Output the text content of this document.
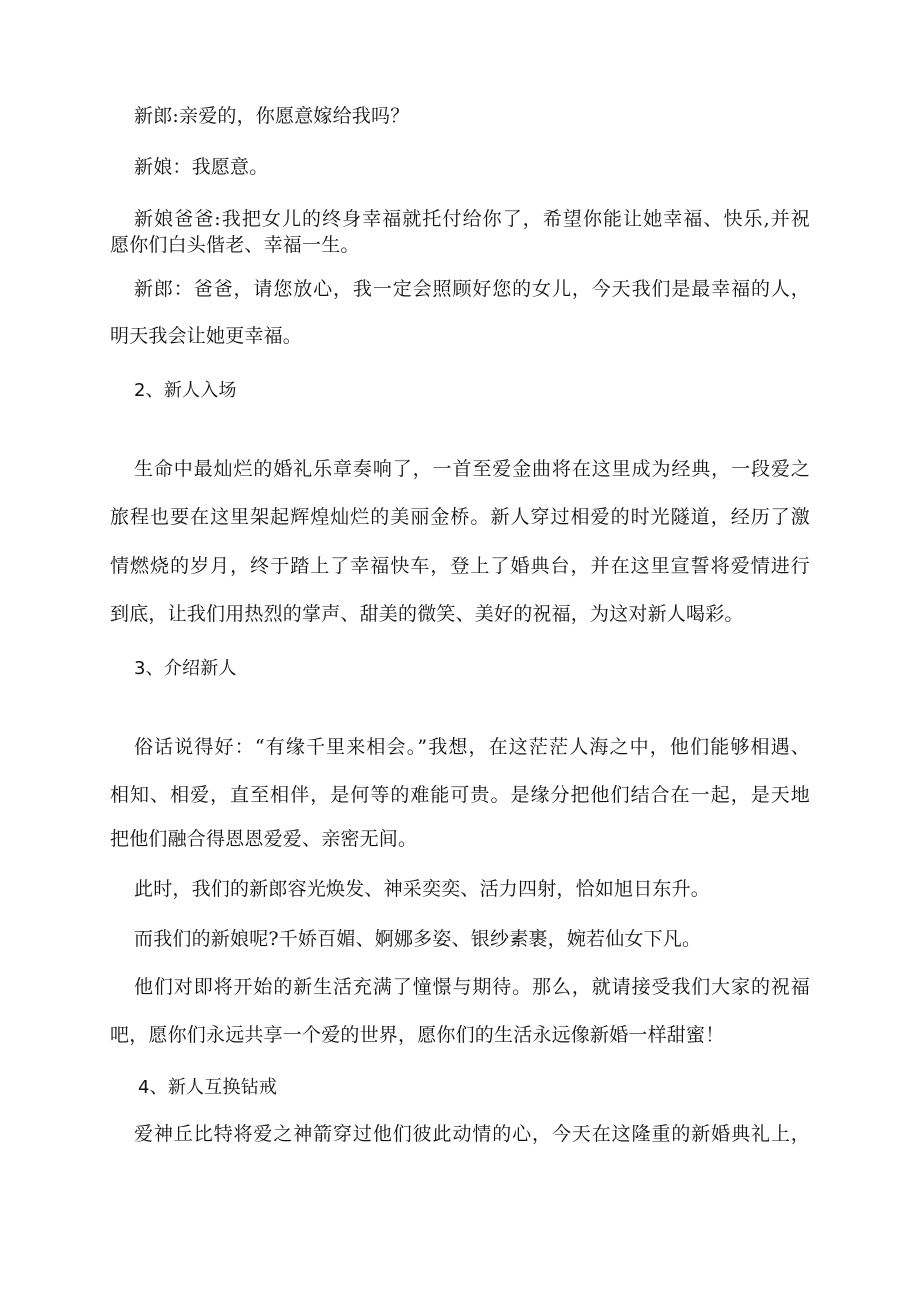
新郎:亲爱的，你愿意嫁给我吗？
新娘：我愿意。
新娘爸爸:我把女儿的终身幸福就托付给你了，希望你能让她幸福、快乐,并祝
愿你们白头偕老、幸福一生。
新郎：爸爸，请您放心，我一定会照顾好您的女儿，今天我们是最幸福的人，
明天我会让她更幸福。
2、新人入场
生命中最灿烂的婚礼乐章奏响了，一首至爱金曲将在这里成为经典，一段爱之
旅程也要在这里架起辉煌灿烂的美丽金桥。新人穿过相爱的时光隧道，经历了激
情燃烧的岁月，终于踏上了幸福快车，登上了婚典台，并在这里宣誓将爱情进行
到底，让我们用热烈的掌声、甜美的微笑、美好的祝福，为这对新人喝彩。
3、介绍新人
俗话说得好：“有缘千里来相会。”我想，在这茫茫人海之中，他们能够相遇、
相知、相爱，直至相伴，是何等的难能可贵。是缘分把他们结合在一起，是天地
把他们融合得恩恩爱爱、亲密无间。
此时，我们的新郎容光焕发、神采奕奕、活力四射，恰如旭日东升。
而我们的新娘呢?千娇百媚、婀娜多姿、银纱素裹，婉若仙女下凡。
他们对即将开始的新生活充满了憧憬与期待。那么，就请接受我们大家的祝福
吧，愿你们永远共享一个爱的世界，愿你们的生活永远像新婚一样甜蜜！
4、新人互换钻戒
爱神丘比特将爱之神箭穿过他们彼此动情的心，今天在这隆重的新婚典礼上，
